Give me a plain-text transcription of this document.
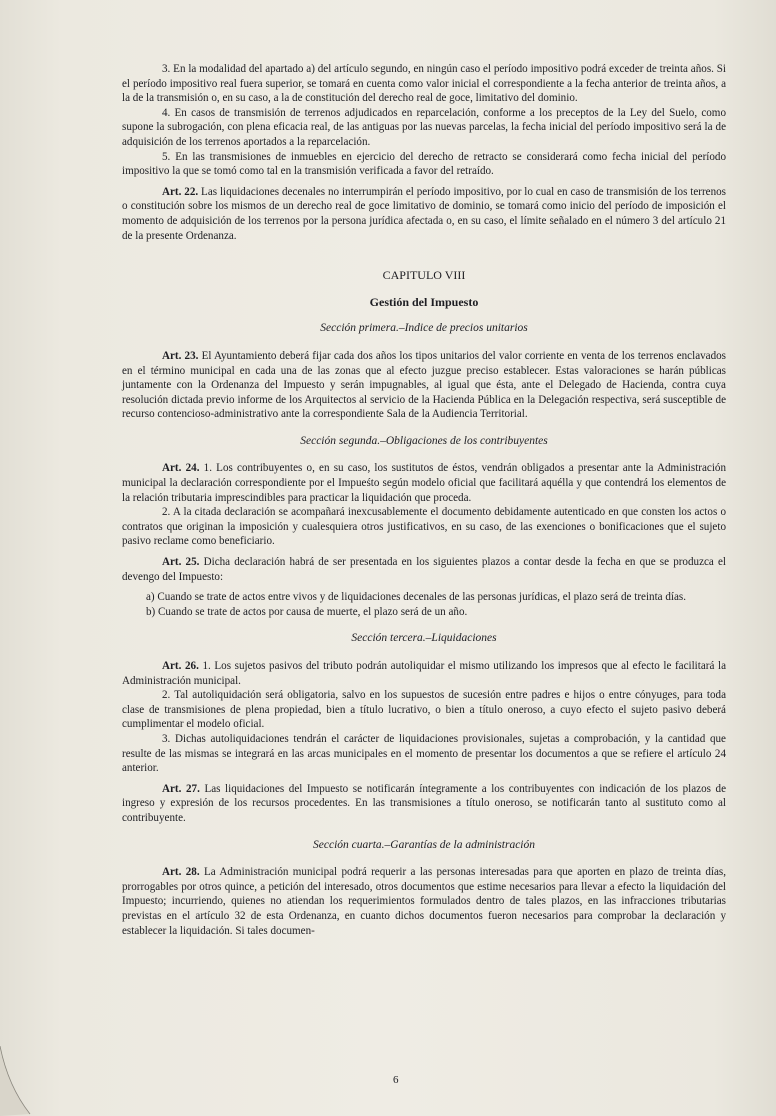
3. En la modalidad del apartado a) del artículo segundo, en ningún caso el período impositivo podrá exceder de treinta años. Si el período impositivo real fuera superior, se tomará en cuenta como valor inicial el correspondiente a la fecha anterior de treinta años, a la de la transmisión o, en su caso, a la de constitución del derecho real de goce, limitativo del dominio.

4. En casos de transmisión de terrenos adjudicados en reparcelación, conforme a los preceptos de la Ley del Suelo, como supone la subrogación, con plena eficacia real, de las antiguas por las nuevas parcelas, la fecha inicial del período impositivo será la de adquisición de los terrenos aportados a la reparcelación.

5. En las transmisiones de inmuebles en ejercicio del derecho de retracto se considerará como fecha inicial del período impositivo la que se tomó como tal en la transmisión verificada a favor del retraído.

Art. 22. Las liquidaciones decenales no interrumpirán el período impositivo, por lo cual en caso de transmisión de los terrenos o constitución sobre los mismos de un derecho real de goce limitativo de dominio, se tomará como inicio del período de imposición el momento de adquisición de los terrenos por la persona jurídica afectada o, en su caso, el límite señalado en el número 3 del artículo 21 de la presente Ordenanza.

CAPITULO VIII

Gestión del Impuesto

Sección primera.–Indice de precios unitarios

Art. 23. El Ayuntamiento deberá fijar cada dos años los tipos unitarios del valor corriente en venta de los terrenos enclavados en el término municipal en cada una de las zonas que al efecto juzgue preciso establecer. Estas valoraciones se harán públicas juntamente con la Ordenanza del Impuesto y serán impugnables, al igual que ésta, ante el Delegado de Hacienda, contra cuya resolución dictada previo informe de los Arquitectos al servicio de la Hacienda Pública en la Delegación respectiva, será susceptible de recurso contencioso-administrativo ante la correspondiente Sala de la Audiencia Territorial.

Sección segunda.–Obligaciones de los contribuyentes

Art. 24. 1. Los contribuyentes o, en su caso, los sustitutos de éstos, vendrán obligados a presentar ante la Administración municipal la declaración correspondiente por el Impueśto según modelo oficial que facilitará aquélla y que contendrá los elementos de la relación tributaria imprescindibles para practicar la liquidación que proceda.

2. A la citada declaración se acompañará inexcusablemente el documento debidamente autenticado en que consten los actos o contratos que originan la imposición y cualesquiera otros justificativos, en su caso, de las exenciones o bonificaciones que el sujeto pasivo reclame como beneficiario.

Art. 25. Dicha declaración habrá de ser presentada en los siguientes plazos a contar desde la fecha en que se produzca el devengo del Impuesto:

a) Cuando se trate de actos entre vivos y de liquidaciones decenales de las personas jurídicas, el plazo será de treinta días.

b) Cuando se trate de actos por causa de muerte, el plazo será de un año.

Sección tercera.–Liquidaciones

Art. 26. 1. Los sujetos pasivos del tributo podrán autoliquidar el mismo utilizando los impresos que al efecto le facilitará la Administración municipal.

2. Tal autoliquidación será obligatoria, salvo en los supuestos de sucesión entre padres e hijos o entre cónyuges, para toda clase de transmisiones de plena propiedad, bien a título lucrativo, o bien a título oneroso, a cuyo efecto el sujeto pasivo deberá cumplimentar el modelo oficial.

3. Dichas autoliquidaciones tendrán el carácter de liquidaciones provisionales, sujetas a comprobación, y la cantidad que resulte de las mismas se integrará en las arcas municipales en el momento de presentar los documentos a que se refiere el artículo 24 anterior.

Art. 27. Las liquidaciones del Impuesto se notificarán íntegramente a los contribuyentes con indicación de los plazos de ingreso y expresión de los recursos procedentes. En las transmisiones a título oneroso, se notificarán tanto al sustituto como al contribuyente.

Sección cuarta.–Garantías de la administración

Art. 28. La Administración municipal podrá requerir a las personas interesadas para que aporten en plazo de treinta días, prorrogables por otros quince, a petición del interesado, otros documentos que estime necesarios para llevar a efecto la liquidación del Impuesto; incurriendo, quienes no atiendan los requerimientos formulados dentro de tales plazos, en las infracciones tributarias previstas en el artículo 32 de esta Ordenanza, en cuanto dichos documentos fueron necesarios para comprobar la declaración y establecer la liquidación. Si tales documen-

6
